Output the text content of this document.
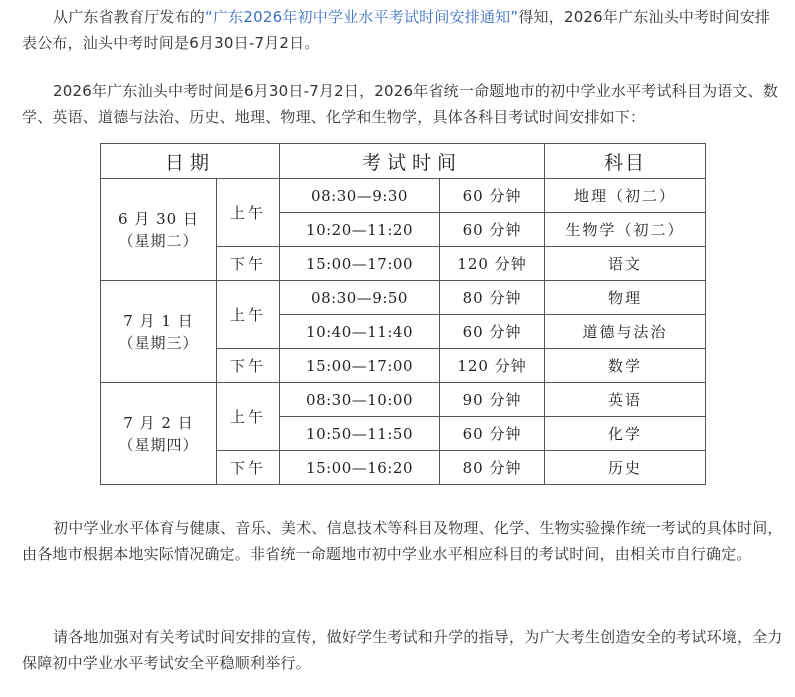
从广东省教育厅发布的“广东2026年初中学业水平考试时间安排通知”得知，2026年广东汕头中考时间安排表公布，汕头中考时间是6月30日-7月2日。

2026年广东汕头中考时间是6月30日-7月2日，2026年省统一命题地市的初中学业水平考试科目为语文、数学、英语、道德与法治、历史、地理、物理、化学和生物学，具体各科目考试时间安排如下：

日期		考试时间		科目

6 月 30 日
（星期二）	上午	08:30—9:30	60 分钟	地理（初二）
		10:20—11:20	60 分钟	生物学（初二）
	下午	15:00—17:00	120 分钟	语文

7 月 1 日
（星期三）	上午	08:30—9:50	80 分钟	物理
		10:40—11:40	60 分钟	道德与法治
	下午	15:00—17:00	120 分钟	数学

7 月 2 日
（星期四）	上午	08:30—10:00	90 分钟	英语
		10:50—11:50	60 分钟	化学
	下午	15:00—16:20	80 分钟	历史

初中学业水平体育与健康、音乐、美术、信息技术等科目及物理、化学、生物实验操作统一考试的具体时间，由各地市根据本地实际情况确定。非省统一命题地市初中学业水平相应科目的考试时间，由相关市自行确定。

请各地加强对有关考试时间安排的宣传，做好学生考试和升学的指导，为广大考生创造安全的考试环境，全力保障初中学业水平考试安全平稳顺利举行。
